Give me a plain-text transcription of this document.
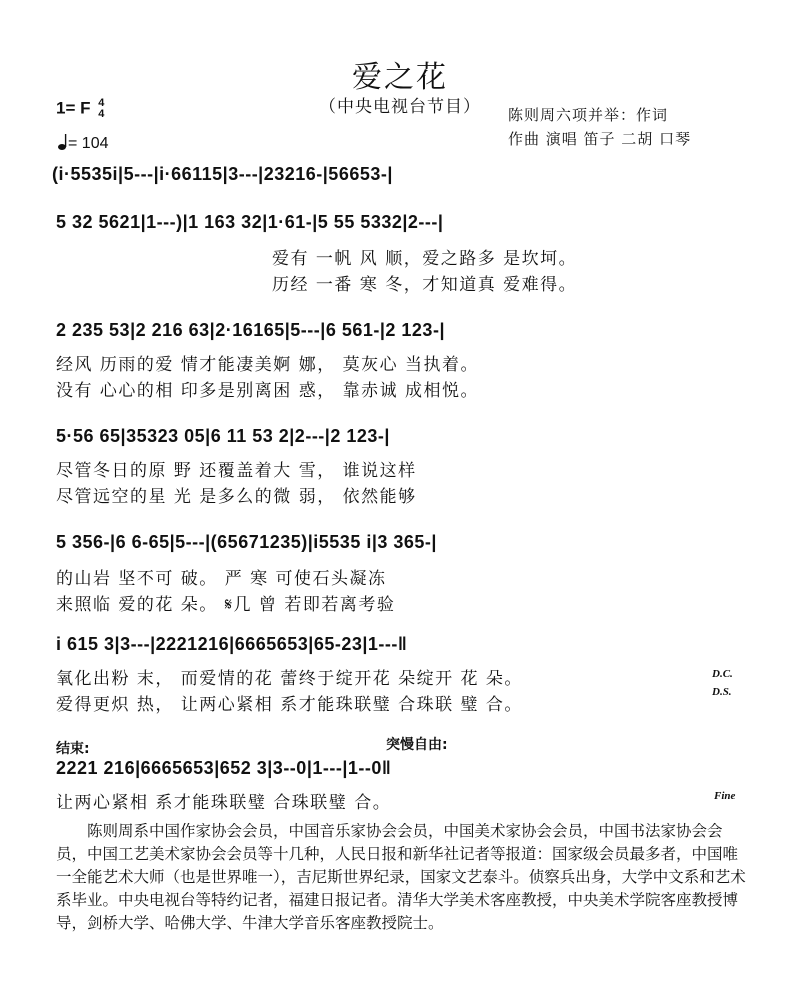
爱之花
（中央电视台节目）
1= F 4
4
= 104
陈则周六项并举：作词
作曲 演唱 笛子 二胡 口琴
(i·5535i|5---|i·66115|3---|23216-|56653-|
5 32 5621|1---)|1 163 32|1·61-|5 55 5332|2---|
爱有 一帆 风 顺，爱之路多 是坎坷。
历经 一番 寒 冬，才知道真 爱难得。
2 235 53|2 216 63|2·16165|5---|6 561-|2 123-|
经风 历雨的爱 情才能凄美婀 娜， 莫灰心 当执着。
没有 心心的相 印多是别离困 惑， 靠赤诚 成相悦。
5·56 65|35323 05|6 11 53 2|2---|2 123-|
尽管冬日的原 野 还覆盖着大 雪， 谁说这样
尽管远空的星 光 是多么的微 弱， 依然能够
5 356-|6 6-65|5---|(65671235)|i5535 i|3 365-|
的山岩 坚不可 破。 严 寒 可使石头凝冻
来照临 爱的花 朵。 𝄋几 曾 若即若离考验
i 615 3|3---|2221216|6665653|65-23|1---‖
氧化出粉 末， 而爱情的花 蕾终于绽开花 朵绽开 花 朵。
爱得更炽 热， 让两心紧相 系才能珠联璧 合珠联 璧 合。
D.C.
D.S.
结束:	突慢自由:
2221 216|6665653|652 3|3--0|1---|1--0‖
让两心紧相 系才能珠联璧 合珠联璧 合。	Fine

陈则周系中国作家协会会员，中国音乐家协会会员，中国美术家协会会员，中国书法家协会会员，中国工艺美术家协会会员等十几种，人民日报和新华社记者等报道：国家级会员最多者，中国唯一全能艺术大师（也是世界唯一），吉尼斯世界纪录，国家文艺泰斗。侦察兵出身，大学中文系和艺术系毕业。中央电视台等特约记者，福建日报记者。清华大学美术客座教授，中央美术学院客座教授博导，剑桥大学、哈佛大学、牛津大学音乐客座教授院士。
